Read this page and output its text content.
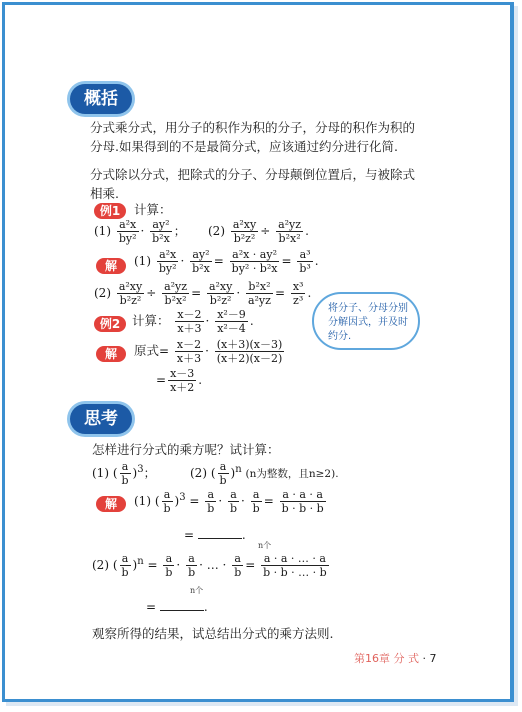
概括
分式乘分式，用分子的积作为积的分子，分母的积作为积的分母.如果得到的不是最简分式，应该通过约分进行化简.
分式除以分式，把除式的分子、分母颠倒位置后，与被除式相乘.
例1	计算：
$(1) \frac{\text{a²x}}{\text{by²}} \cdot \frac{\text{ay²}}{\text{b²x}}$ ； $(2) \frac{\text{a²xy}}{\text{b²z²}} \div \frac{\text{a²yz}}{\text{b²x²}}$ .
解	$(1) \frac{\text{a²x}}{\text{by²}} \cdot \frac{\text{ay²}}{\text{b²x}} = \frac{\text{a²x · ay²}}{\text{by² · b²x}} = \frac{\text{a³}}{\text{b³}}$ .
$(2) \frac{\text{a²xy}}{\text{b²z²}} \div \frac{\text{a²yz}}{\text{b²x²}} = \frac{\text{a²xy}}{\text{b²z²}} \cdot \frac{\text{b²x²}}{\text{a²yz}} = \frac{\text{x³}}{\text{z³}}$ .
例2 计算： $\frac{x-2}{x+3} \cdot \frac{\text{x²－9}}{\text{x²－4}}$ .
解	原式= $\frac{x-2}{x+3} \cdot \frac{(x+3)(x-3)}{(x+2)(x-2)}$
= $\frac{x-3}{x+2}$ .
将分子、分母分别分解因式，并及时约分.
思考
怎样进行分式的乘方呢？试计算：
(1) ( $\frac{a}{b} )^3$；	(2) ( $\frac{a}{b} )^n$ (n为整数，且n≥2).
解	(1) ( $\frac{a}{b} )^3 = \frac{a}{b} \cdot \frac{a}{b} \cdot \frac{a}{b} = \frac{a \cdot a \cdot a}{b \cdot b \cdot b}$
=	.
(2) ( $\frac{a}{b} )^n = \frac{a}{b} \cdot \frac{a}{b}$ · … · $\frac{a}{b} = \frac{a \cdot a \cdot \dots \cdot a}{b \cdot b \cdot \dots \cdot b}$
n个
n个
=	.
观察所得的结果，试总结出分式的乘方法则.
第16章 分 式 · 7
